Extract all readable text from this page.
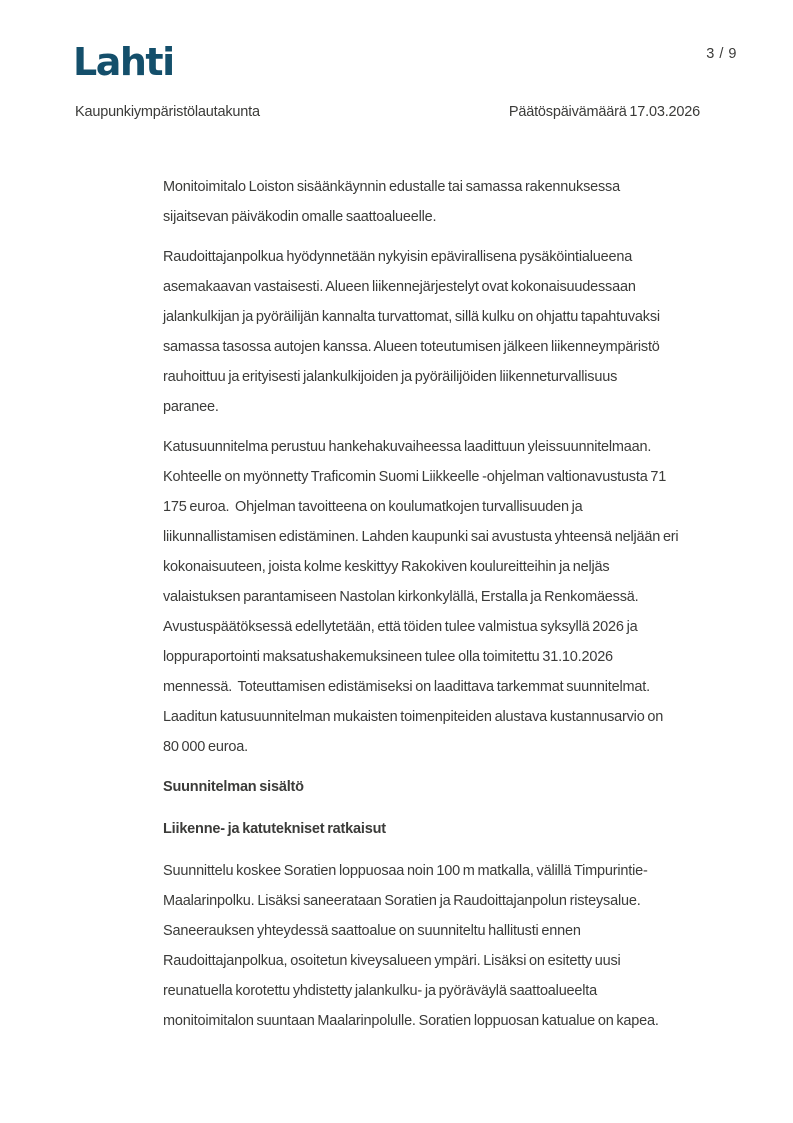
Lahti	3 / 9
Kaupunkiympäristölautakunta	Päätöspäivämäärä 17.03.2026
Monitoimitalo Loiston sisäänkäynnin edustalle tai samassa rakennuksessa
sijaitsevan päiväkodin omalle saattoalueelle.
Raudoittajanpolkua hyödynnetään nykyisin epävirallisena pysäköintialueena
asemakaavan vastaisesti. Alueen liikennejärjestelyt ovat kokonaisuudessaan
jalankulkijan ja pyöräilijän kannalta turvattomat, sillä kulku on ohjattu tapahtuvaksi
samassa tasossa autojen kanssa. Alueen toteutumisen jälkeen liikenneympäristö
rauhoittuu ja erityisesti jalankulkijoiden ja pyöräilijöiden liikenneturvallisuus
paranee.
Katusuunnitelma perustuu hankehakuvaiheessa laadittuun yleissuunnitelmaan.
Kohteelle on myönnetty Traficomin Suomi Liikkeelle -ohjelman valtionavustusta 71
175 euroa.  Ohjelman tavoitteena on koulumatkojen turvallisuuden ja
liikunnallistamisen edistäminen. Lahden kaupunki sai avustusta yhteensä neljään eri
kokonaisuuteen, joista kolme keskittyy Rakokiven koulureitteihin ja neljäs
valaistuksen parantamiseen Nastolan kirkonkylällä, Erstalla ja Renkomäessä.
Avustuspäätöksessä edellytetään, että töiden tulee valmistua syksyllä 2026 ja
loppuraportointi maksatushakemuksineen tulee olla toimitettu 31.10.2026
mennessä.  Toteuttamisen edistämiseksi on laadittava tarkemmat suunnitelmat.
Laaditun katusuunnitelman mukaisten toimenpiteiden alustava kustannusarvio on
80 000 euroa.
Suunnitelman sisältö
Liikenne- ja katutekniset ratkaisut
Suunnittelu koskee Soratien loppuosaa noin 100 m matkalla, välillä Timpurintie-
Maalarinpolku. Lisäksi saneerataan Soratien ja Raudoittajanpolun risteysalue.
Saneerauksen yhteydessä saattoalue on suunniteltu hallitusti ennen
Raudoittajanpolkua, osoitetun kiveysalueen ympäri. Lisäksi on esitetty uusi
reunatuella korotettu yhdistetty jalankulku- ja pyöräväylä saattoalueelta
monitoimitalon suuntaan Maalarinpolulle. Soratien loppuosan katualue on kapea.
